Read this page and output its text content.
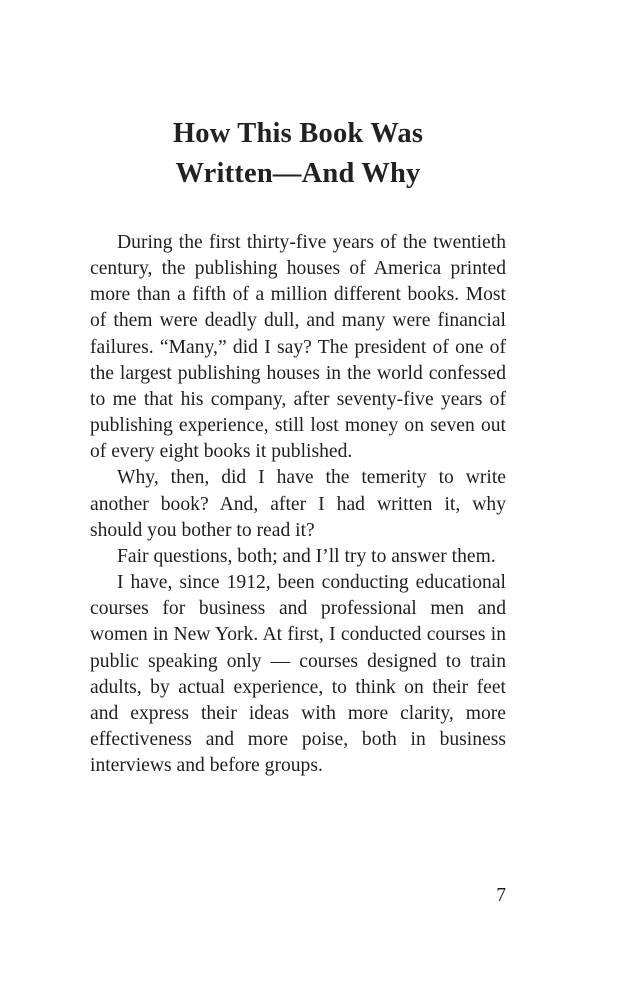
How This Book Was
Written—And Why

During the first thirty-five years of the twentieth century, the publishing houses of America printed more than a fifth of a million different books. Most of them were deadly dull, and many were financial failures. “Many,” did I say? The president of one of the largest publishing houses in the world confessed to me that his company, after seventy-five years of publishing experience, still lost money on seven out of every eight books it published.

Why, then, did I have the temerity to write another book? And, after I had written it, why should you bother to read it?

Fair questions, both; and I’ll try to answer them.

I have, since 1912, been conducting educational courses for business and professional men and women in New York. At first, I conducted courses in public speaking only — courses designed to train adults, by actual experience, to think on their feet and express their ideas with more clarity, more effectiveness and more poise, both in business interviews and before groups.

7
